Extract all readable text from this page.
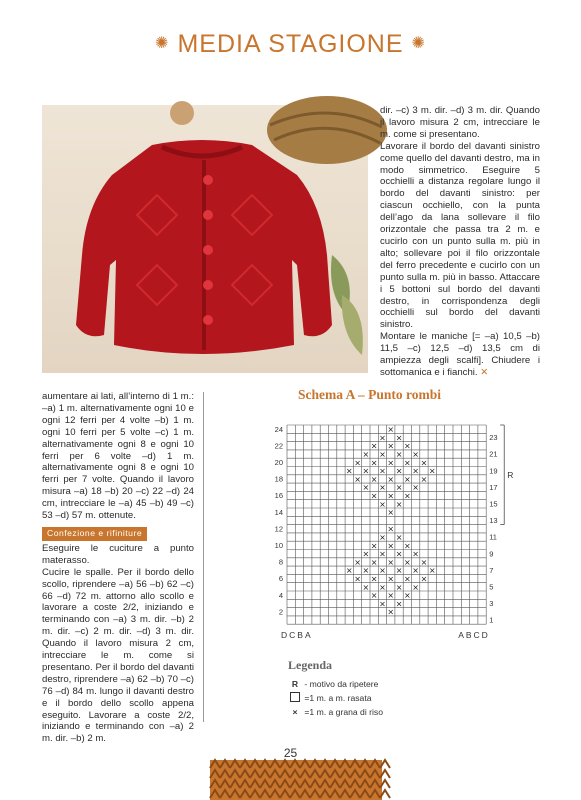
✺ MEDIA STAGIONE ✺
dir. –c) 3 m. dir. –d) 3 m. dir. Quando il lavoro misura 2 cm, intrecciare le m. come si presentano.
Lavorare il bordo del davanti sinistro come quello del davanti destro, ma in modo simmetrico. Eseguire 5 occhielli a distanza regolare lungo il bordo del davanti sinistro: per ciascun occhiello, con la punta dell’ago da lana sollevare il filo orizzontale che passa tra 2 m. e cucirlo con un punto sulla m. più in alto; sollevare poi il filo orizzontale del ferro precedente e cucirlo con un punto sulla m. più in basso. Attaccare i 5 bottoni sul bordo del davanti destro, in corrispondenza degli occhielli sul bordo del davanti sinistro.
Montare le maniche [= –a) 10,5 –b) 11,5 –c) 12,5 –d) 13,5 cm di ampiezza degli scalfi]. Chiudere i sottomanica e i fianchi. ✕
aumentare ai lati, all’interno di 1 m.: –a) 1 m. alternativamente ogni 10 e ogni 12 ferri per 4 volte –b) 1 m. ogni 10 ferri per 5 volte –c) 1 m. alternativamente ogni 8 e ogni 10 ferri per 6 volte –d) 1 m. alternativamente ogni 8 e ogni 10 ferri per 7 volte. Quando il lavoro misura –a) 18 –b) 20 –c) 22 –d) 24 cm, intrecciare le –a) 45 –b) 49 –c) 53 –d) 57 m. ottenute.
Confezione e rifiniture
Eseguire le cuciture a punto materasso.
Cucire le spalle. Per il bordo dello scollo, riprendere –a) 56 –b) 62 –c) 66 –d) 72 m. attorno allo scollo e lavorare a coste 2/2, iniziando e terminando con –a) 3 m. dir. –b) 2 m. dir. –c) 2 m. dir. –d) 3 m. dir. Quando il lavoro misura 2 cm, intrecciare le m. come si presentano. Per il bordo del davanti destro, riprendere –a) 62 –b) 70 –c) 76 –d) 84 m. lungo il davanti destro e il bordo dello scollo appena eseguito. Lavorare a coste 2/2, iniziando e terminando con –a) 2 m. dir. –b) 2 m.
Schema A – Punto rombi
×
× ×
× × ×
× × × ×
× × × × ×
× × × × × ×
× × × × ×
× × × ×
× × ×
× ×
×
×
× ×
× × ×
× × × ×
× × × × ×
× × × × × ×
× × × × ×
× × × ×
× × ×
× ×
×
24
22
20
18
16
14
12
10
8
6
4
2
23
21
19
17
15
13
11
9
7
5
3
1
R
DCBA	ABCD
Legenda
R
- motivo da ripetere

=1 m. a m. rasata
×
=1 m. a grana di riso
25
PassionForum.ru
